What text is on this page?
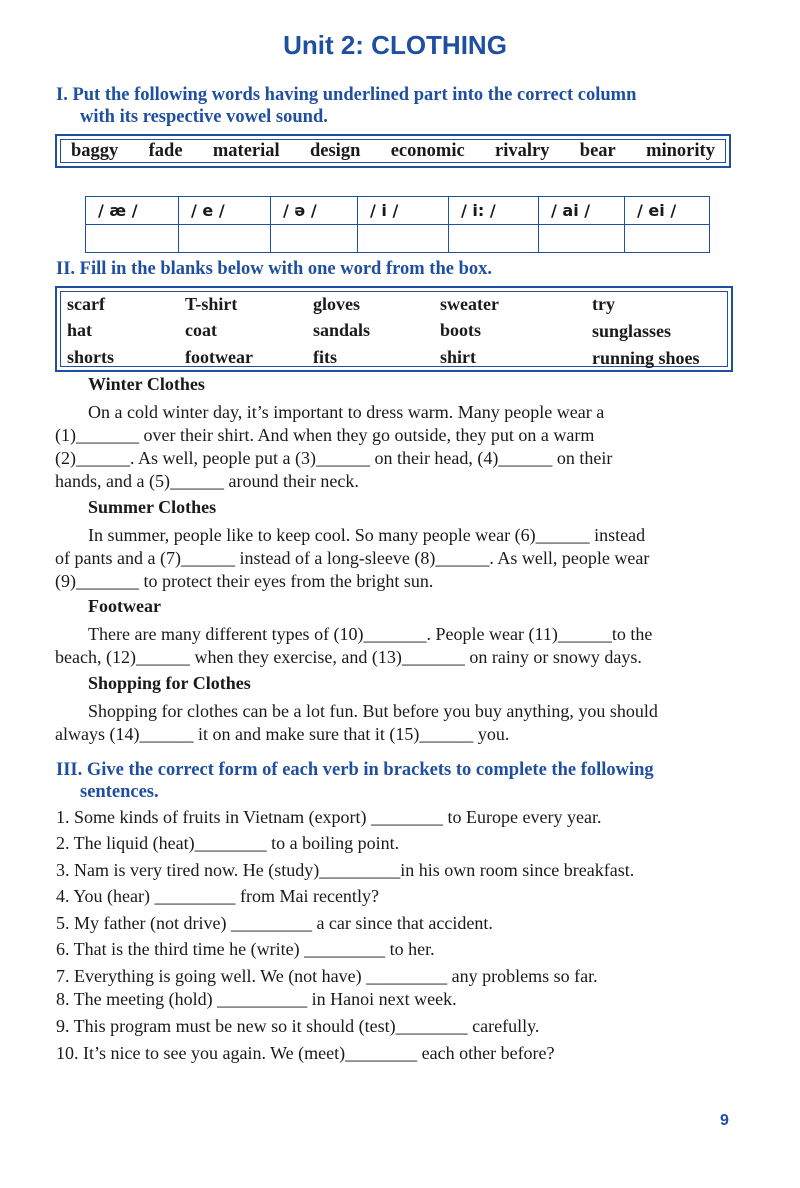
Unit 2: CLOTHING
I. Put the following words having underlined part into the correct column
with its respective vowel sound.
baggy fade material design economic rivalry bear minority
/ æ /	/ e /	/ ə /	/ i /	/ i: /	/ ai /	/ ei /

II. Fill in the blanks below with one word from the box.
scarf	T-shirt	gloves	sweater	try
hat	coat	sandals	boots	sunglasses
shorts	footwear	fits	shirt	running shoes
Winter Clothes
On a cold winter day, it’s important to dress warm. Many people wear a
(1)_______ over their shirt. And when they go outside, they put on a warm
(2)______. As well, people put a (3)______ on their head, (4)______ on their
hands, and a (5)______ around their neck.
Summer Clothes
In summer, people like to keep cool. So many people wear (6)______ instead
of pants and a (7)______ instead of a long-sleeve (8)______. As well, people wear
(9)_______ to protect their eyes from the bright sun.
Footwear
There are many different types of (10)_______. People wear (11)______to the
beach, (12)______ when they exercise, and (13)_______ on rainy or snowy days.
Shopping for Clothes
Shopping for clothes can be a lot fun. But before you buy anything, you should
always (14)______ it on and make sure that it (15)______ you.
III. Give the correct form of each verb in brackets to complete the following
sentences.
1. Some kinds of fruits in Vietnam (export) ________ to Europe every year.
2. The liquid (heat)________ to a boiling point.
3. Nam is very tired now. He (study)_________in his own room since breakfast.
4. You (hear) _________ from Mai recently?
5. My father (not drive) _________ a car since that accident.
6. That is the third time he (write) _________ to her.
7. Everything is going well. We (not have) _________ any problems so far.
8. The meeting (hold) __________ in Hanoi next week.
9. This program must be new so it should (test)________ carefully.
10. It’s nice to see you again. We (meet)________ each other before?
9
